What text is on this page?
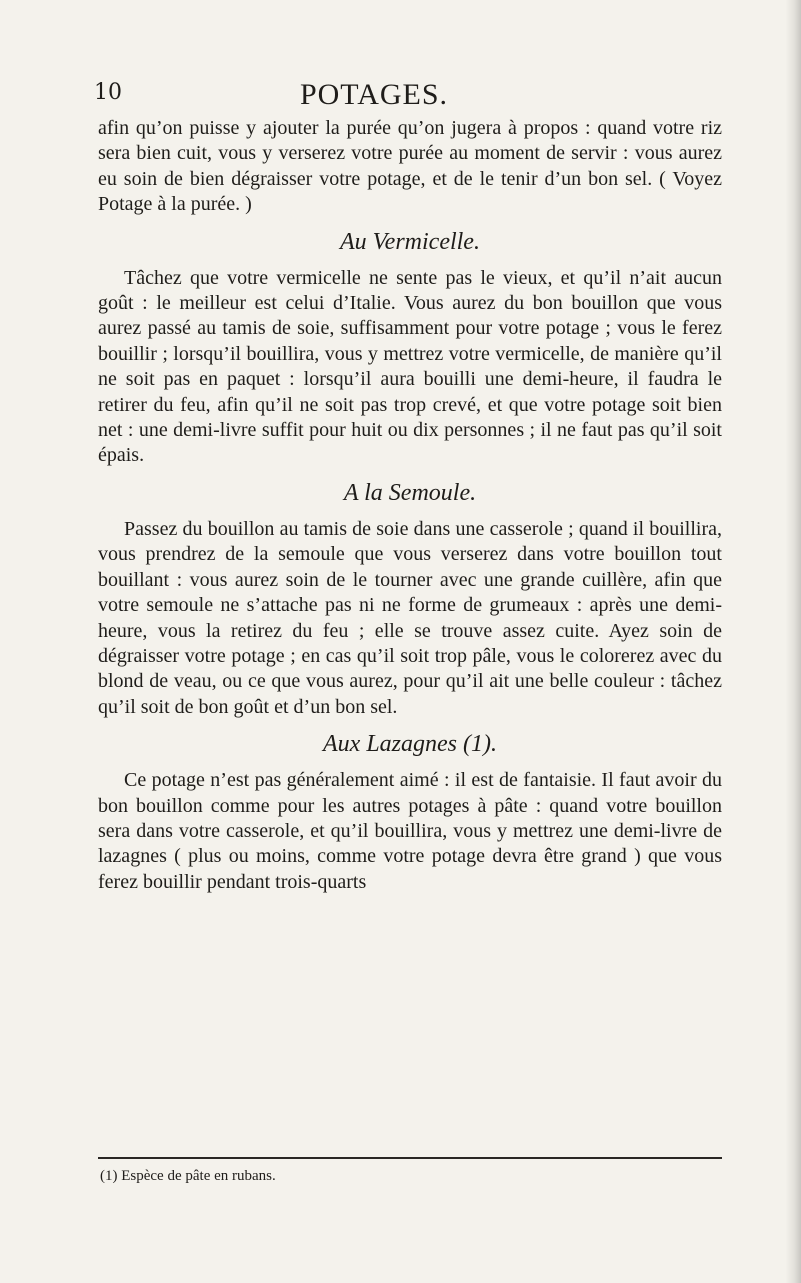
10	POTAGES.

afin qu’on puisse y ajouter la purée qu’on jugera à propos : quand votre riz sera bien cuit, vous y verserez votre purée au moment de servir : vous aurez eu soin de bien dégraisser votre potage, et de le tenir d’un bon sel. ( Voyez Potage à la purée. )

Au Vermicelle.

Tâchez que votre vermicelle ne sente pas le vieux, et qu’il n’ait aucun goût : le meilleur est celui d’Italie. Vous aurez du bon bouillon que vous aurez passé au tamis de soie, suffisamment pour votre potage ; vous le ferez bouillir ; lorsqu’il bouillira, vous y mettrez votre vermicelle, de manière qu’il ne soit pas en paquet : lorsqu’il aura bouilli une demi-heure, il faudra le retirer du feu, afin qu’il ne soit pas trop crevé, et que votre potage soit bien net : une demi-livre suffit pour huit ou dix personnes ; il ne faut pas qu’il soit épais.

A la Semoule.

Passez du bouillon au tamis de soie dans une casserole ; quand il bouillira, vous prendrez de la semoule que vous verserez dans votre bouillon tout bouillant : vous aurez soin de le tourner avec une grande cuillère, afin que votre semoule ne s’attache pas ni ne forme de grumeaux : après une demi-heure, vous la retirez du feu ; elle se trouve assez cuite. Ayez soin de dégraisser votre potage ; en cas qu’il soit trop pâle, vous le colorerez avec du blond de veau, ou ce que vous aurez, pour qu’il ait une belle couleur : tâchez qu’il soit de bon goût et d’un bon sel.

Aux Lazagnes (1).

Ce potage n’est pas généralement aimé : il est de fantaisie. Il faut avoir du bon bouillon comme pour les autres potages à pâte : quand votre bouillon sera dans votre casserole, et qu’il bouillira, vous y mettrez une demi-livre de lazagnes ( plus ou moins, comme votre potage devra être grand ) que vous ferez bouillir pendant trois-quarts

(1) Espèce de pâte en rubans.
